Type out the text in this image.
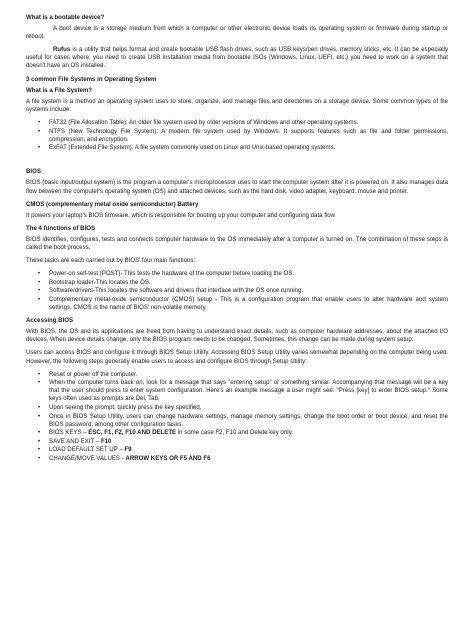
What is a bootable device?
A boot device is a storage medium from which a computer or other electronic device loads its operating system or firmware during startup or reboot.
Rufus is a utility that helps format and create bootable USB flash drives, such as USB keys/pen drives, memory sticks, etc. It can be especially useful for cases where: you need to create USB installation media from bootable ISOs (Windows, Linux, UEFI, etc.) you need to work on a system that doesn't have an OS installed.
3 common File Systems in Operating System
What is a File System?
A file system is a method an operating system uses to store, organize, and manage files and directories on a storage device. Some common types of file systems include:
• FAT32 (File Allocation Table): An older file system used by older versions of Windows and other operating systems.
• NTFS (New Technology File System): A modern file system used by Windows. It supports features such as file and folder permissions, compression, and encryption.
• ExFAT (Extended File System): A file system commonly used on Linux and Unix-based operating systems.
BIOS
BIOS (basic input/output system) is the program a computer's microprocessor uses to start the computer system after it is powered on. It also manages data flow between the computer's operating system (OS) and attached devices, such as the hard disk, video adapter, keyboard, mouse and printer.
CMOS (complementary metal oxide semiconductor) Battery
It powers your laptop's BIOS firmware, which is responsible for booting up your computer and configuring data flow
The 4 functions of BIOS
BIOS identifies, configures, tests and connects computer hardware to the OS immediately after a computer is turned on. The combination of these steps is called the boot process.
These tasks are each carried out by BIOS' four main functions:
• Power-on self-test (POST)- This tests the hardware of the computer before loading the OS.
• Bootstrap loader-This locates the OS.
• Software/drivers-This locates the software and drivers that interface with the OS once running.
• Complementary metal-oxide semiconductor (CMOS) setup - This is a configuration program that enable users to alter hardware and system settings. CMOS is the name of BIOS' non-volatile memory.
Accessing BIOS
With BIOS, the OS and its applications are freed from having to understand exact details, such as computer hardware addresses, about the attached I/O devices. When device details change, only the BIOS program needs to be changed. Sometimes, this change can be made during system setup.
Users can access BIOS and configure it through BIOS Setup Utility. Accessing BIOS Setup Utility varies somewhat depending on the computer being used. However, the following steps generally enable users to access and configure BIOS through Setup Utility:
• Reset or power off the computer.
• When the computer turns back on, look for a message that says "entering setup" or something similar. Accompanying that message will be a key that the user should press to enter system configuration. Here's an example message a user might see: "Press [key] to enter BIOS setup." Some keys often used as prompts are Del, Tab,
• Upon seeing the prompt, quickly press the key specified.
• Once in BIOS Setup Utility, users can change hardware settings, manage memory settings, change the boot order or boot device, and reset the BIOS password, among other configuration tasks.
• BIOS KEYS – ESC, F1, F2, F10 AND DELETE in some case F2, F10 and Delete key only.
• SAVE AND EXIT – F10
• LOAD DEFAULT SET UP – F9
• CHANGE/MOVE VALUES - ARROW KEYS OR F5 AND F6
